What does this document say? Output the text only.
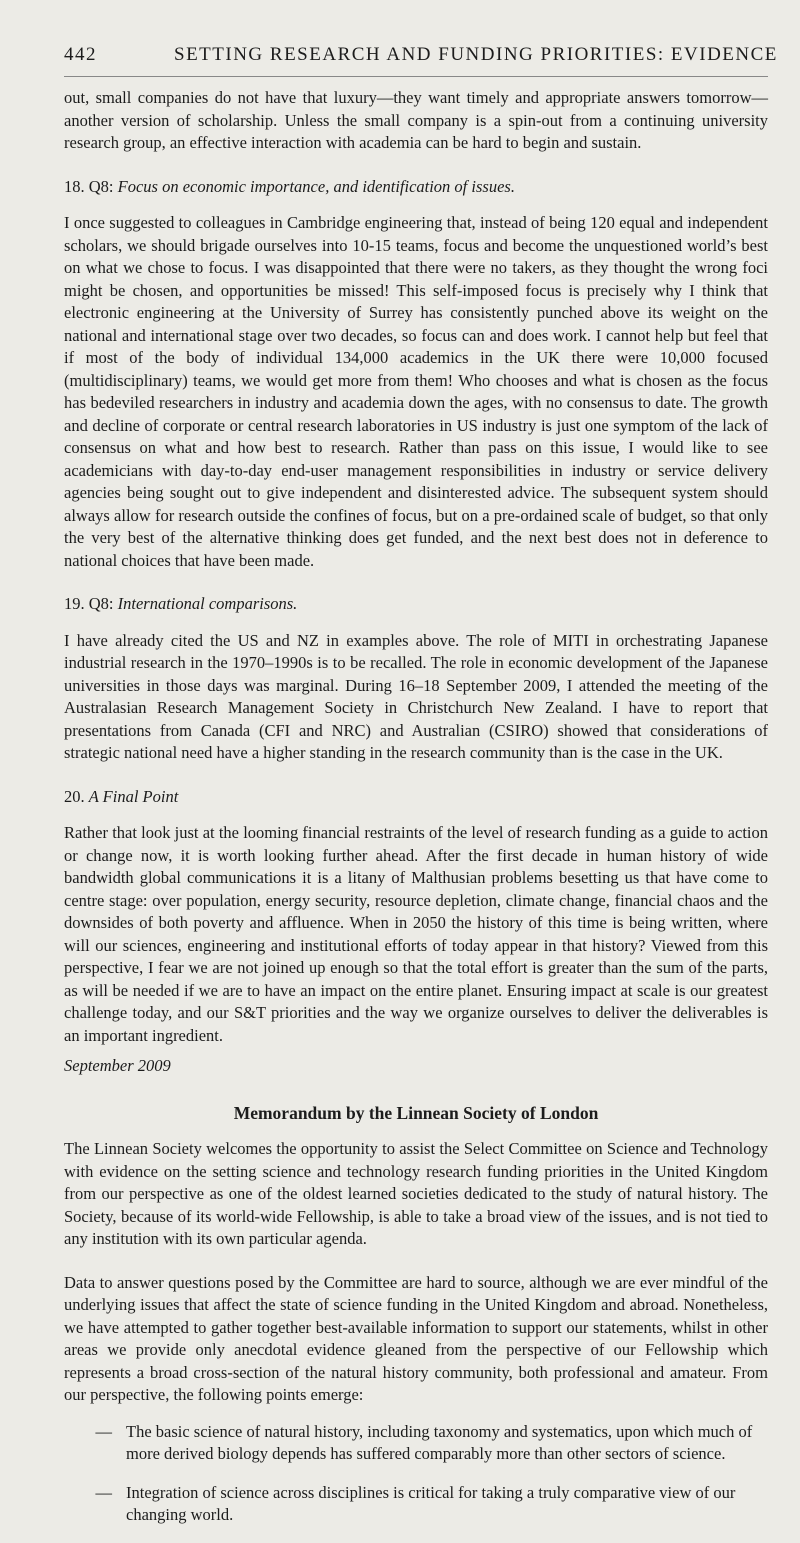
442	SETTING RESEARCH AND FUNDING PRIORITIES: EVIDENCE

out, small companies do not have that luxury—they want timely and appropriate answers tomorrow—another version of scholarship. Unless the small company is a spin-out from a continuing university research group, an effective interaction with academia can be hard to begin and sustain.

18. Q8: Focus on economic importance, and identification of issues.

I once suggested to colleagues in Cambridge engineering that, instead of being 120 equal and independent scholars, we should brigade ourselves into 10-15 teams, focus and become the unquestioned world’s best on what we chose to focus. I was disappointed that there were no takers, as they thought the wrong foci might be chosen, and opportunities be missed! This self-imposed focus is precisely why I think that electronic engineering at the University of Surrey has consistently punched above its weight on the national and international stage over two decades, so focus can and does work. I cannot help but feel that if most of the body of individual 134,000 academics in the UK there were 10,000 focused (multidisciplinary) teams, we would get more from them! Who chooses and what is chosen as the focus has bedeviled researchers in industry and academia down the ages, with no consensus to date. The growth and decline of corporate or central research laboratories in US industry is just one symptom of the lack of consensus on what and how best to research. Rather than pass on this issue, I would like to see academicians with day-to-day end-user management responsibilities in industry or service delivery agencies being sought out to give independent and disinterested advice. The subsequent system should always allow for research outside the confines of focus, but on a pre-ordained scale of budget, so that only the very best of the alternative thinking does get funded, and the next best does not in deference to national choices that have been made.

19. Q8: International comparisons.

I have already cited the US and NZ in examples above. The role of MITI in orchestrating Japanese industrial research in the 1970–1990s is to be recalled. The role in economic development of the Japanese universities in those days was marginal. During 16–18 September 2009, I attended the meeting of the Australasian Research Management Society in Christchurch New Zealand. I have to report that presentations from Canada (CFI and NRC) and Australian (CSIRO) showed that considerations of strategic national need have a higher standing in the research community than is the case in the UK.

20. A Final Point

Rather that look just at the looming financial restraints of the level of research funding as a guide to action or change now, it is worth looking further ahead. After the first decade in human history of wide bandwidth global communications it is a litany of Malthusian problems besetting us that have come to centre stage: over population, energy security, resource depletion, climate change, financial chaos and the downsides of both poverty and affluence. When in 2050 the history of this time is being written, where will our sciences, engineering and institutional efforts of today appear in that history? Viewed from this perspective, I fear we are not joined up enough so that the total effort is greater than the sum of the parts, as will be needed if we are to have an impact on the entire planet. Ensuring impact at scale is our greatest challenge today, and our S&T priorities and the way we organize ourselves to deliver the deliverables is an important ingredient.

September 2009

Memorandum by the Linnean Society of London

The Linnean Society welcomes the opportunity to assist the Select Committee on Science and Technology with evidence on the setting science and technology research funding priorities in the United Kingdom from our perspective as one of the oldest learned societies dedicated to the study of natural history. The Society, because of its world-wide Fellowship, is able to take a broad view of the issues, and is not tied to any institution with its own particular agenda.

Data to answer questions posed by the Committee are hard to source, although we are ever mindful of the underlying issues that affect the state of science funding in the United Kingdom and abroad. Nonetheless, we have attempted to gather together best-available information to support our statements, whilst in other areas we provide only anecdotal evidence gleaned from the perspective of our Fellowship which represents a broad cross-section of the natural history community, both professional and amateur. From our perspective, the following points emerge:

— The basic science of natural history, including taxonomy and systematics, upon which much of more derived biology depends has suffered comparably more than other sectors of science.
— Integration of science across disciplines is critical for taking a truly comparative view of our changing world.
